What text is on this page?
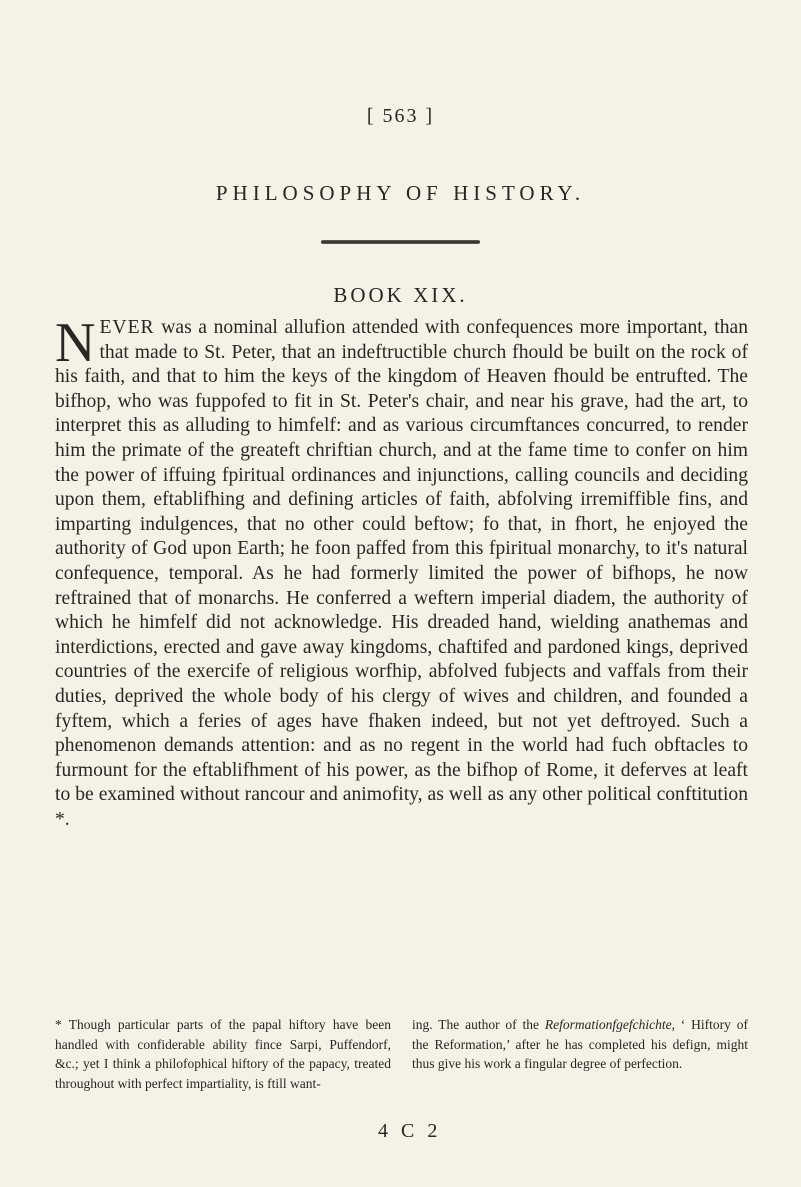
[ 563 ]
PHILOSOPHY OF HISTORY.
BOOK XIX.

NEVER was a nominal allufion attended with confequences more important, than that made to St. Peter, that an indeftructible church fhould be built on the rock of his faith, and that to him the keys of the kingdom of Heaven fhould be entrufted. The bifhop, who was fuppofed to fit in St. Peter's chair, and near his grave, had the art, to interpret this as alluding to himfelf: and as various circumftances concurred, to render him the primate of the greateft chriftian church, and at the fame time to confer on him the power of iffuing fpiritual ordinances and injunctions, calling councils and deciding upon them, eftablifhing and defining articles of faith, abfolving irremiffible fins, and imparting indulgences, that no other could beftow; fo that, in fhort, he enjoyed the authority of God upon Earth; he foon paffed from this fpiritual monarchy, to it's natural confequence, temporal. As he had formerly limited the power of bifhops, he now reftrained that of monarchs. He conferred a weftern imperial diadem, the authority of which he himfelf did not acknowledge. His dreaded hand, wielding anathemas and interdictions, erected and gave away kingdoms, chaftifed and pardoned kings, deprived countries of the exercife of religious worfhip, abfolved fubjects and vaffals from their duties, deprived the whole body of his clergy of wives and children, and founded a fyftem, which a feries of ages have fhaken indeed, but not yet deftroyed. Such a phenomenon demands attention: and as no regent in the world had fuch obftacles to furmount for the eftablifhment of his power, as the bifhop of Rome, it deferves at leaft to be examined without rancour and animofity, as well as any other political conftitution *.

* Though particular parts of the papal hiftory have been handled with confiderable ability fince Sarpi, Puffendorf, &c.; yet I think a philofophical hiftory of the papacy, treated throughout with perfect impartiality, is ftill want-

ing. The author of the Reformationfgefchichte, ‘ Hiftory of the Reformation,’ after he has completed his defign, might thus give his work a fingular degree of perfection.

4 C 2
